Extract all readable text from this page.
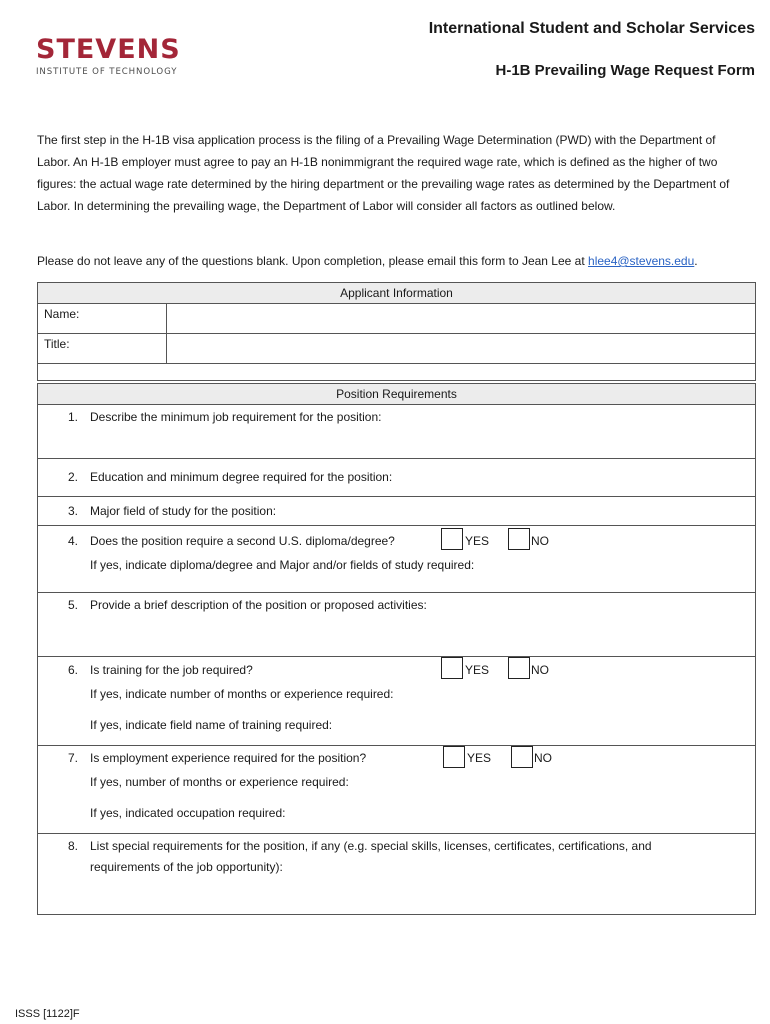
STEVENS
INSTITUTE OF TECHNOLOGY
International Student and Scholar Services
H-1B Prevailing Wage Request Form

The first step in the H-1B visa application process is the filing of a Prevailing Wage Determination (PWD) with the Department of Labor. An H-1B employer must agree to pay an H-1B nonimmigrant the required wage rate, which is defined as the higher of two figures: the actual wage rate determined by the hiring department or the prevailing wage rates as determined by the Department of Labor. In determining the prevailing wage, the Department of Labor will consider all factors as outlined below.

Please do not leave any of the questions blank. Upon completion, please email this form to Jean Lee at hlee4@stevens.edu.

Applicant Information	
Name:	
Title:	

Position Requirements

1. Describe the minimum job requirement for the position:

2. Education and minimum degree required for the position:

3. Major field of study for the position:

4. Does the position require a second U.S. diploma/degree?	YES	NO
If yes, indicate diploma/degree and Major and/or fields of study required:

5. Provide a brief description of the position or proposed activities:

6. Is training for the job required?	YES	NO
If yes, indicate number of months or experience required:
If yes, indicate field name of training required:

7. Is employment experience required for the position?	YES	NO
If yes, number of months or experience required:
If yes, indicated occupation required:

8. List special requirements for the position, if any (e.g. special skills, licenses, certificates, certifications, and
requirements of the job opportunity):
ISSS [1122]F
